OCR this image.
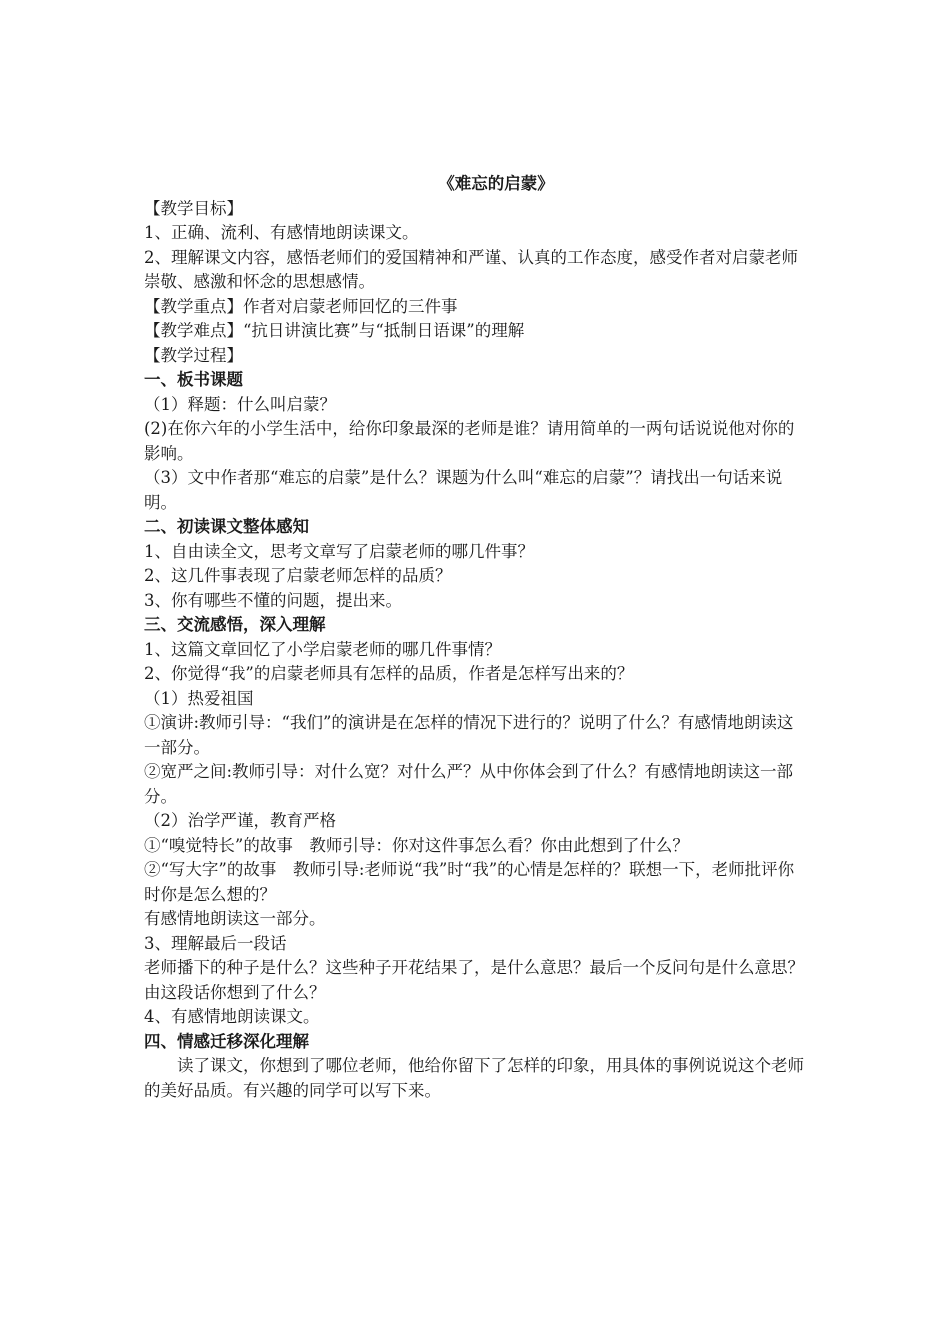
《难忘的启蒙》

【教学目标】

1、正确、流利、有感情地朗读课文。

2、理解课文内容，感悟老师们的爱国精神和严谨、认真的工作态度，感受作者对启蒙老师崇敬、感激和怀念的思想感情。

【教学重点】作者对启蒙老师回忆的三件事

【教学难点】“抗日讲演比赛”与“抵制日语课”的理解

【教学过程】

一、板书课题

（1）释题：什么叫启蒙？

(2)在你六年的小学生活中，给你印象最深的老师是谁？请用简单的一两句话说说他对你的影响。

（3）文中作者那“难忘的启蒙”是什么？课题为什么叫“难忘的启蒙”？请找出一句话来说明。

二、初读课文整体感知

1、自由读全文，思考文章写了启蒙老师的哪几件事？

2、这几件事表现了启蒙老师怎样的品质？

3、你有哪些不懂的问题，提出来。

三、交流感悟，深入理解

1、这篇文章回忆了小学启蒙老师的哪几件事情？

2、你觉得“我”的启蒙老师具有怎样的品质，作者是怎样写出来的？

（1）热爱祖国

①演讲:教师引导：“我们”的演讲是在怎样的情况下进行的？说明了什么？有感情地朗读这一部分。

②宽严之间:教师引导：对什么宽？对什么严？从中你体会到了什么？有感情地朗读这一部分。

（2）治学严谨，教育严格

①“嗅觉特长”的故事　教师引导：你对这件事怎么看？你由此想到了什么？

②“写大字”的故事　教师引导:老师说“我”时“我”的心情是怎样的？联想一下，老师批评你时你是怎么想的？

有感情地朗读这一部分。

3、理解最后一段话

老师播下的种子是什么？这些种子开花结果了，是什么意思？最后一个反问句是什么意思？由这段话你想到了什么？

4、有感情地朗读课文。

四、情感迁移深化理解

读了课文，你想到了哪位老师，他给你留下了怎样的印象，用具体的事例说说这个老师的美好品质。有兴趣的同学可以写下来。
